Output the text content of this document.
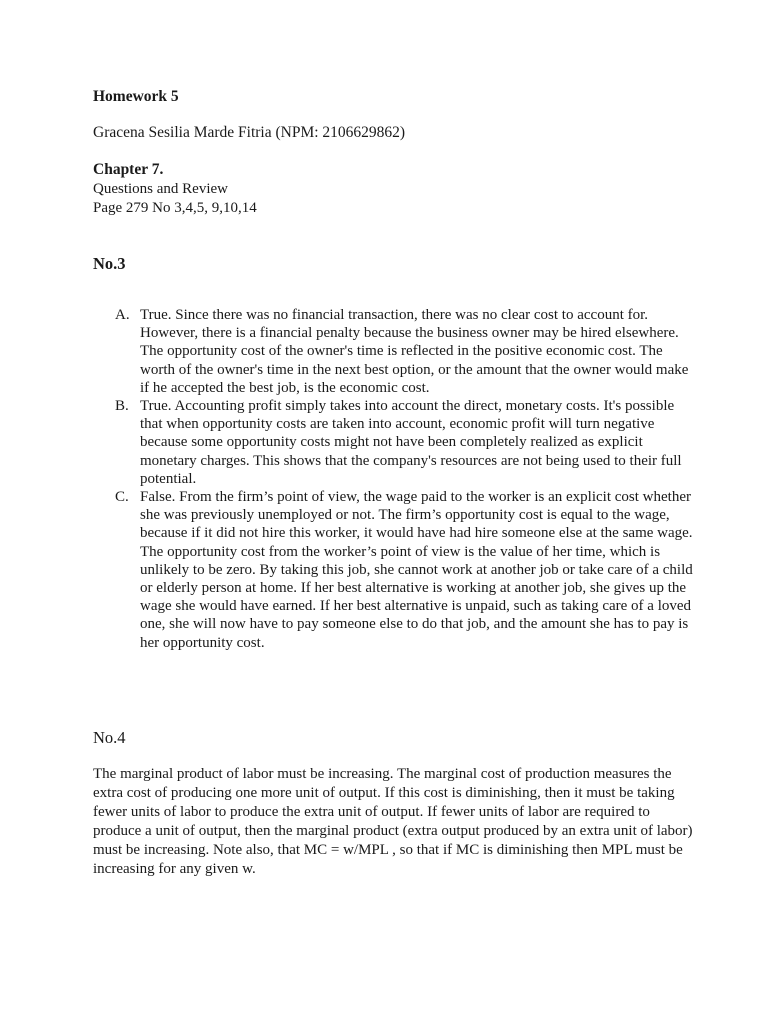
Homework 5

Gracena Sesilia Marde Fitria (NPM: 2106629862)

Chapter 7.

Questions and Review

Page 279 No 3,4,5, 9,10,14

No.3

A. True. Since there was no financial transaction, there was no clear cost to account for. However, there is a financial penalty because the business owner may be hired elsewhere. The opportunity cost of the owner's time is reflected in the positive economic cost. The worth of the owner's time in the next best option, or the amount that the owner would make if he accepted the best job, is the economic cost.
B. True. Accounting profit simply takes into account the direct, monetary costs. It's possible that when opportunity costs are taken into account, economic profit will turn negative because some opportunity costs might not have been completely realized as explicit monetary charges. This shows that the company's resources are not being used to their full potential.
C. False. From the firm’s point of view, the wage paid to the worker is an explicit cost whether she was previously unemployed or not. The firm’s opportunity cost is equal to the wage, because if it did not hire this worker, it would have had hire someone else at the same wage. The opportunity cost from the worker’s point of view is the value of her time, which is unlikely to be zero. By taking this job, she cannot work at another job or take care of a child or elderly person at home. If her best alternative is working at another job, she gives up the wage she would have earned. If her best alternative is unpaid, such as taking care of a loved one, she will now have to pay someone else to do that job, and the amount she has to pay is her opportunity cost.

No.4

The marginal product of labor must be increasing. The marginal cost of production measures the extra cost of producing one more unit of output. If this cost is diminishing, then it must be taking fewer units of labor to produce the extra unit of output. If fewer units of labor are required to produce a unit of output, then the marginal product (extra output produced by an extra unit of labor) must be increasing. Note also, that MC = w/MPL , so that if MC is diminishing then MPL must be increasing for any given w.
